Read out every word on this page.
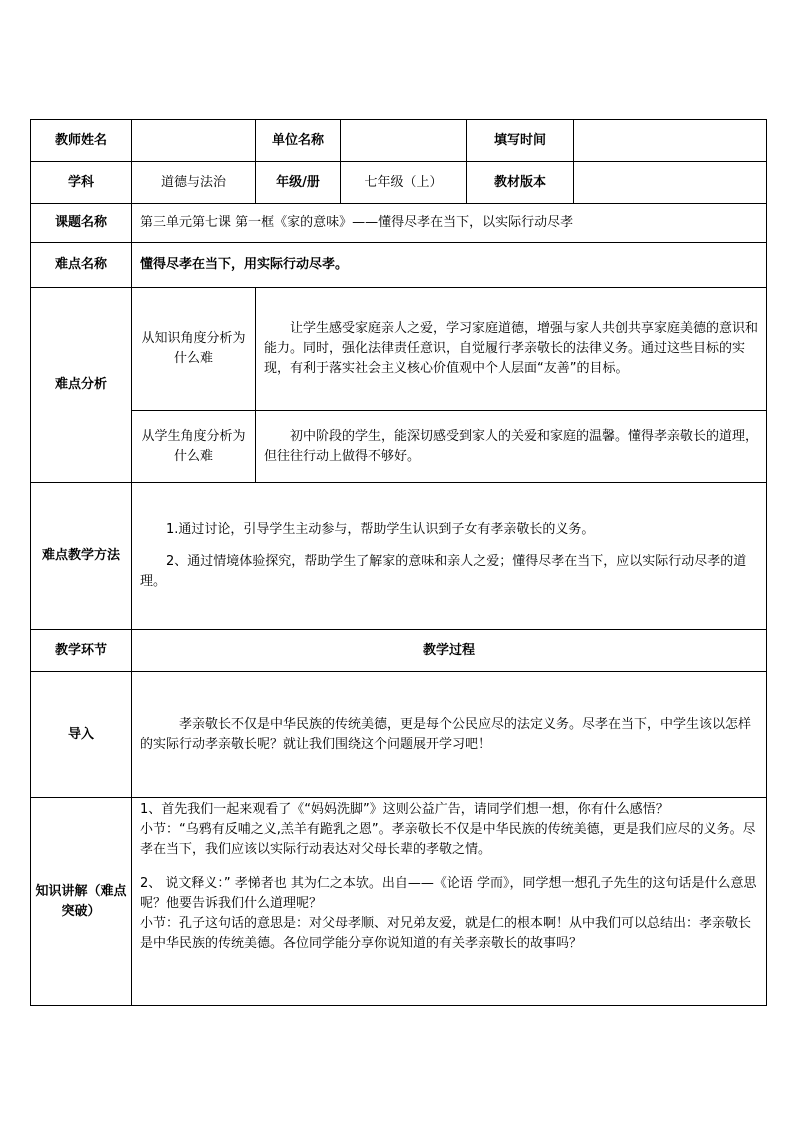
教师姓名		单位名称		填写时间	
学科	道德与法治	年级/册	七年级（上）	教材版本	
课题名称	第三单元第七课 第一框《家的意味》——懂得尽孝在当下，以实际行动尽孝				
难点名称	懂得尽孝在当下，用实际行动尽孝。				
难点分析	从知识角度分析为什么难	让学生感受家庭亲人之爱，学习家庭道德，增强与家人共创共享家庭美德的意识和能力。同时，强化法律责任意识，自觉履行孝亲敬长的法律义务。通过这些目标的实现，有利于落实社会主义核心价值观中个人层面“友善”的目标。			

	从学生角度分析为什么难	初中阶段的学生，能深切感受到家人的关爱和家庭的温馨。懂得孝亲敬长的道理，但往往行动上做得不够好。			

难点教学方法	1.通过讨论，引导学生主动参与，帮助学生认识到子女有孝亲敬长的义务。

2、通过情境体验探究，帮助学生了解家的意味和亲人之爱；懂得尽孝在当下，应以实际行动尽孝的道理。				

教学环节	教学过程				
导入	孝亲敬长不仅是中华民族的传统美德，更是每个公民应尽的法定义务。尽孝在当下，中学生该以怎样的实际行动孝亲敬长呢？就让我们围绕这个问题展开学习吧！				

知识讲解（难点突破）	1、首先我们一起来观看了《“妈妈洗脚”》这则公益广告，请同学们想一想，你有什么感悟？

小节：“乌鸦有反哺之义,羔羊有跪乳之恩”。孝亲敬长不仅是中华民族的传统美德，更是我们应尽的义务。尽孝在当下，我们应该以实际行动表达对父母长辈的孝敬之情。

2、 说文释义：” 孝悌者也 其为仁之本欤。出自——《论语 学而》，同学想一想孔子先生的这句话是什么意思呢？他要告诉我们什么道理呢？

小节：孔子这句话的意思是：对父母孝顺、对兄弟友爱，就是仁的根本啊！从中我们可以总结出：孝亲敬长是中华民族的传统美德。各位同学能分享你说知道的有关孝亲敬长的故事吗？				
